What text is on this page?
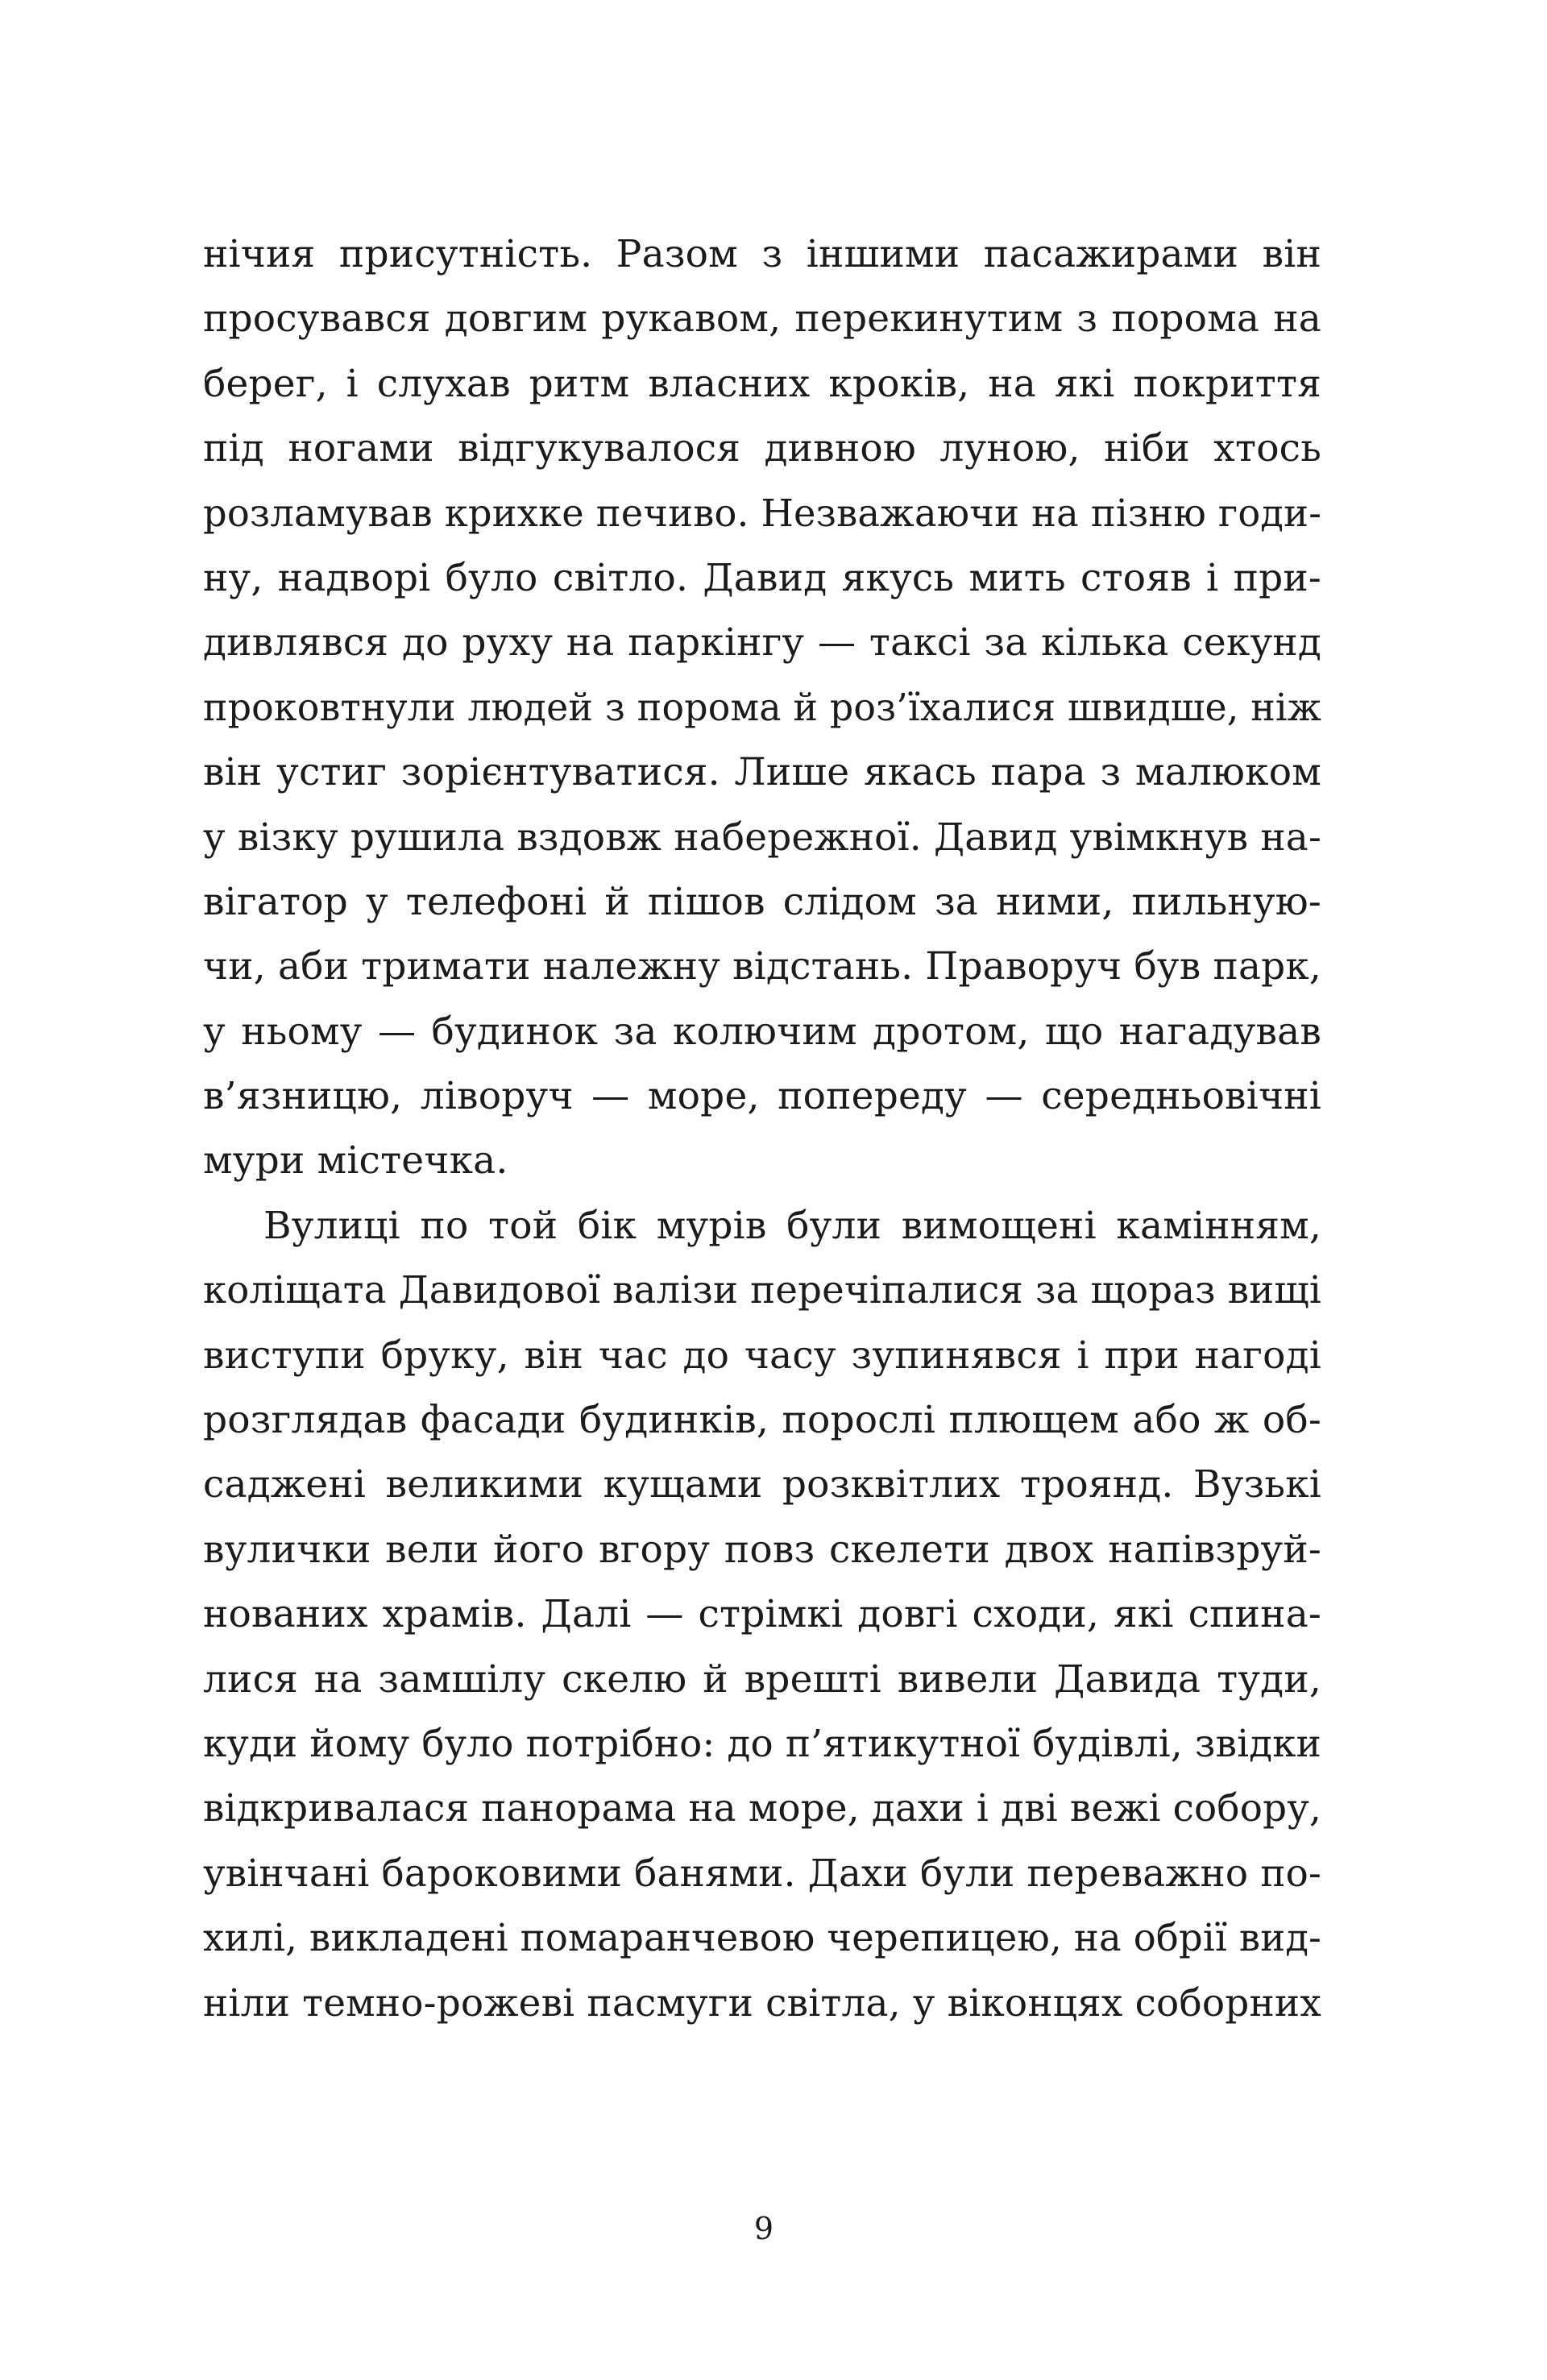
нічия присутність. Разом з іншими пасажирами він
просувався довгим рукавом, перекинутим з порома на
берег, і слухав ритм власних кроків, на які покриття
під ногами відгукувалося дивною луною, ніби хтось
розламував крихке печиво. Незважаючи на пізню годи-
ну, надворі було світло. Давид якусь мить стояв і при-
дивлявся до руху на паркінгу — таксі за кілька секунд
проковтнули людей з порома й роз’їхалися швидше, ніж
він устиг зорієнтуватися. Лише якась пара з малюком
у візку рушила вздовж набережної. Давид увімкнув на-
вігатор у телефоні й пішов слідом за ними, пильную-
чи, аби тримати належну відстань. Праворуч був парк,
у ньому — будинок за колючим дротом, що нагадував
в’язницю, ліворуч — море, попереду — середньовічні
мури містечка.
Вулиці по той бік мурів були вимощені камінням,
коліщата Давидової валізи перечіпалися за щораз вищі
виступи бруку, він час до часу зупинявся і при нагоді
розглядав фасади будинків, порослі плющем або ж об-
саджені великими кущами розквітлих троянд. Вузькі
вулички вели його вгору повз скелети двох напівзруй-
нованих храмів. Далі — стрімкі довгі сходи, які спина-
лися на замшілу скелю й врешті вивели Давида туди,
куди йому було потрібно: до п’ятикутної будівлі, звідки
відкривалася панорама на море, дахи і дві вежі собору,
увінчані бароковими банями. Дахи були переважно по-
хилі, викладені помаранчевою черепицею, на обрії вид-
ніли темно-рожеві пасмуги світла, у віконцях соборних
9
